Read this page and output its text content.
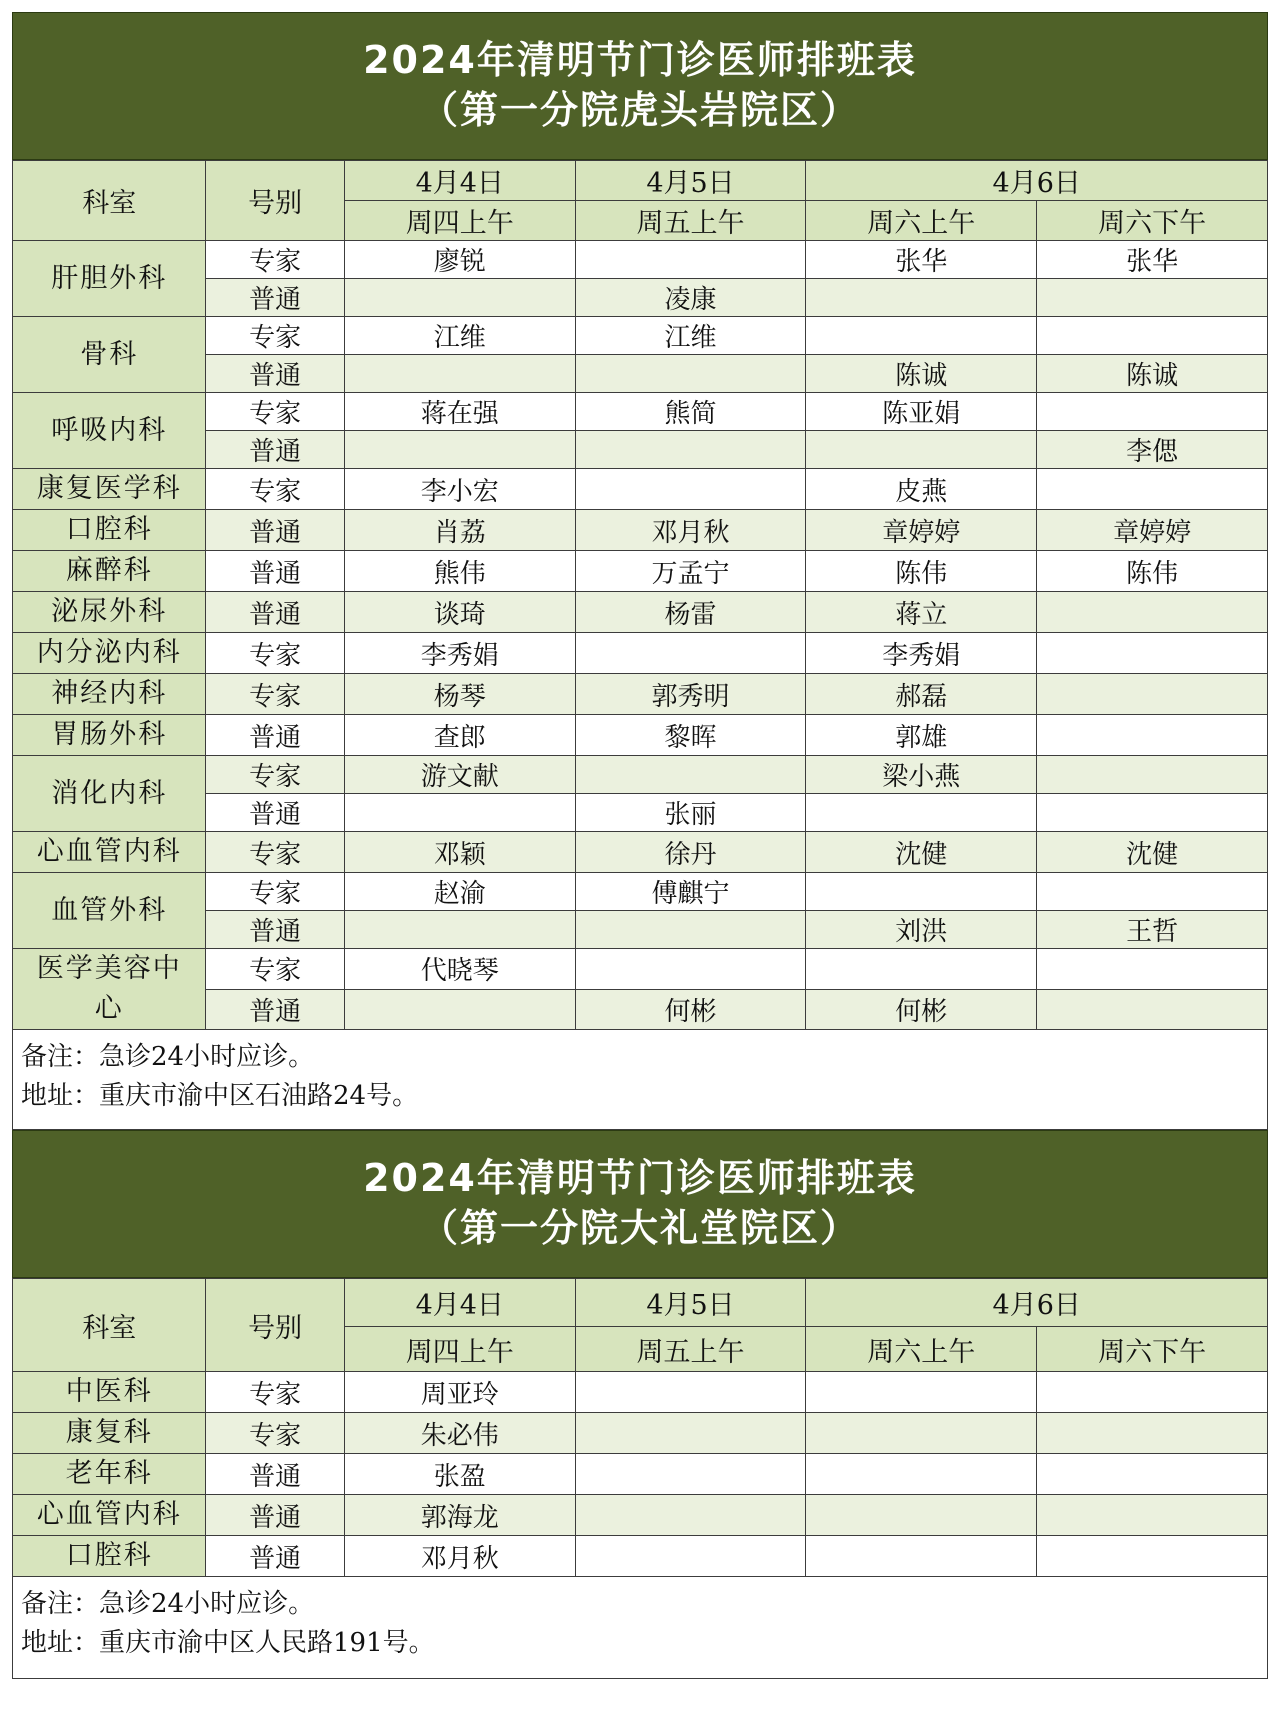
2024年清明节门诊医师排班表
（第一分院虎头岩院区）
科室	号别	4月4日	4月5日	4月6日	
		周四上午	周五上午	周六上午	周六下午
肝胆外科	专家	廖锐		张华	张华
	普通		凌康		
骨科	专家	江维	江维		
	普通			陈诚	陈诚
呼吸内科	专家	蒋在强	熊简	陈亚娟	
	普通				李偲
康复医学科	专家	李小宏		皮燕	
口腔科	普通	肖荔	邓月秋	章婷婷	章婷婷
麻醉科	普通	熊伟	万孟宁	陈伟	陈伟
泌尿外科	普通	谈琦	杨雷	蒋立	
内分泌内科	专家	李秀娟		李秀娟	
神经内科	专家	杨琴	郭秀明	郝磊	
胃肠外科	普通	查郎	黎晖	郭雄	
消化内科	专家	游文献		梁小燕	
	普通		张丽		
心血管内科	专家	邓颖	徐丹	沈健	沈健
血管外科	专家	赵渝	傅麒宁		
	普通			刘洪	王哲
医学美容中心	专家	代晓琴			
	普通		何彬	何彬	
备注：急诊24小时应诊。
地址：重庆市渝中区石油路24号。
2024年清明节门诊医师排班表
（第一分院大礼堂院区）
科室	号别	4月4日	4月5日	4月6日	
		周四上午	周五上午	周六上午	周六下午
中医科	专家	周亚玲			
康复科	专家	朱必伟			
老年科	普通	张盈			
心血管内科	普通	郭海龙			
口腔科	普通	邓月秋			
备注：急诊24小时应诊。
地址：重庆市渝中区人民路191号。
